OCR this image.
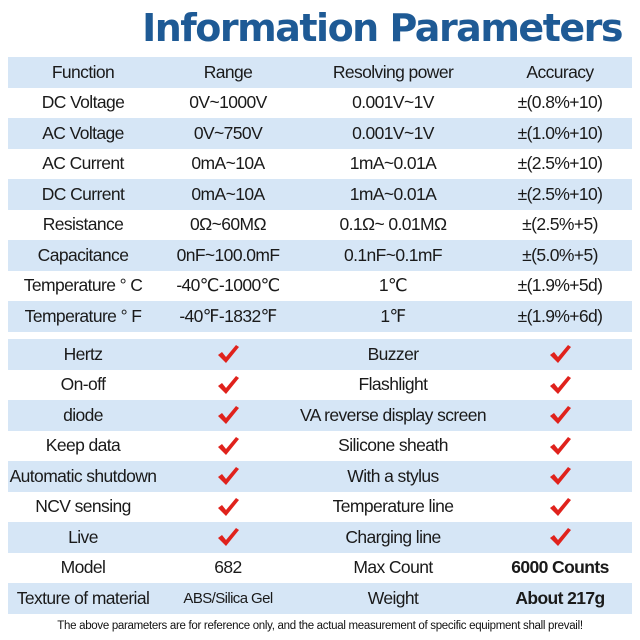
Information Parameters
Function	Range	Resolving power	Accuracy
DC Voltage	0V~1000V	0.001V~1V	±(0.8%+10)
AC Voltage	0V~750V	0.001V~1V	±(1.0%+10)
AC Current	0mA~10A	1mA~0.01A	±(2.5%+10)
DC Current	0mA~10A	1mA~0.01A	±(2.5%+10)
Resistance	0Ω~60MΩ	0.1Ω~ 0.01MΩ	±(2.5%+5)
Capacitance	0nF~100.0mF	0.1nF~0.1mF	±(5.0%+5)
Temperature ° C	-40℃-1000℃	1℃	±(1.9%+5d)
Temperature ° F	-40℉-1832℉	1℉	±(1.9%+6d)
Hertz	Buzzer
On-off	Flashlight
diode	VA reverse display screen
Keep data	Silicone sheath
Automatic shutdown	With a stylus
NCV sensing	Temperature line
Live	Charging line
Model	682	Max Count	6000 Counts
Texture of material	ABS/Silica Gel	Weight	About 217g
The above parameters are for reference only, and the actual measurement of specific equipment shall prevail!
